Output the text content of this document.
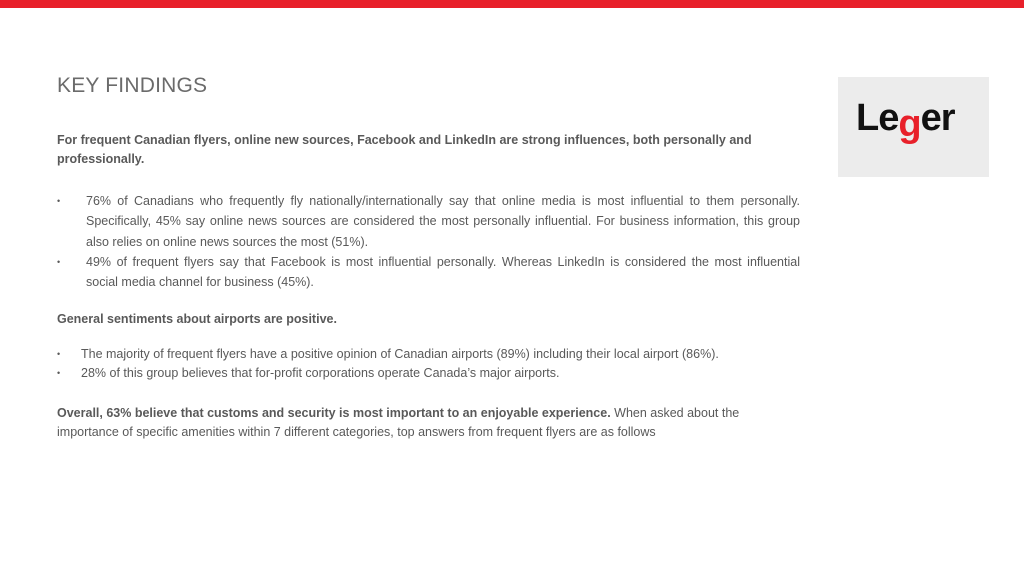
KEY FINDINGS
Leger
For frequent Canadian flyers, online new sources, Facebook and LinkedIn are strong influences, both personally and professionally.
• 76% of Canadians who frequently fly nationally/internationally say that online media is most influential to them personally. Specifically, 45% say online news sources are considered the most personally influential. For business information, this group also relies on online news sources the most (51%).
• 49% of frequent flyers say that Facebook is most influential personally. Whereas LinkedIn is considered the most influential social media channel for business (45%).
General sentiments about airports are positive.
• The majority of frequent flyers have a positive opinion of Canadian airports (89%) including their local airport (86%).
• 28% of this group believes that for-profit corporations operate Canada’s major airports.
Overall, 63% believe that customs and security is most important to an enjoyable experience. When asked about the importance of specific amenities within 7 different categories, top answers from frequent flyers are as follows
